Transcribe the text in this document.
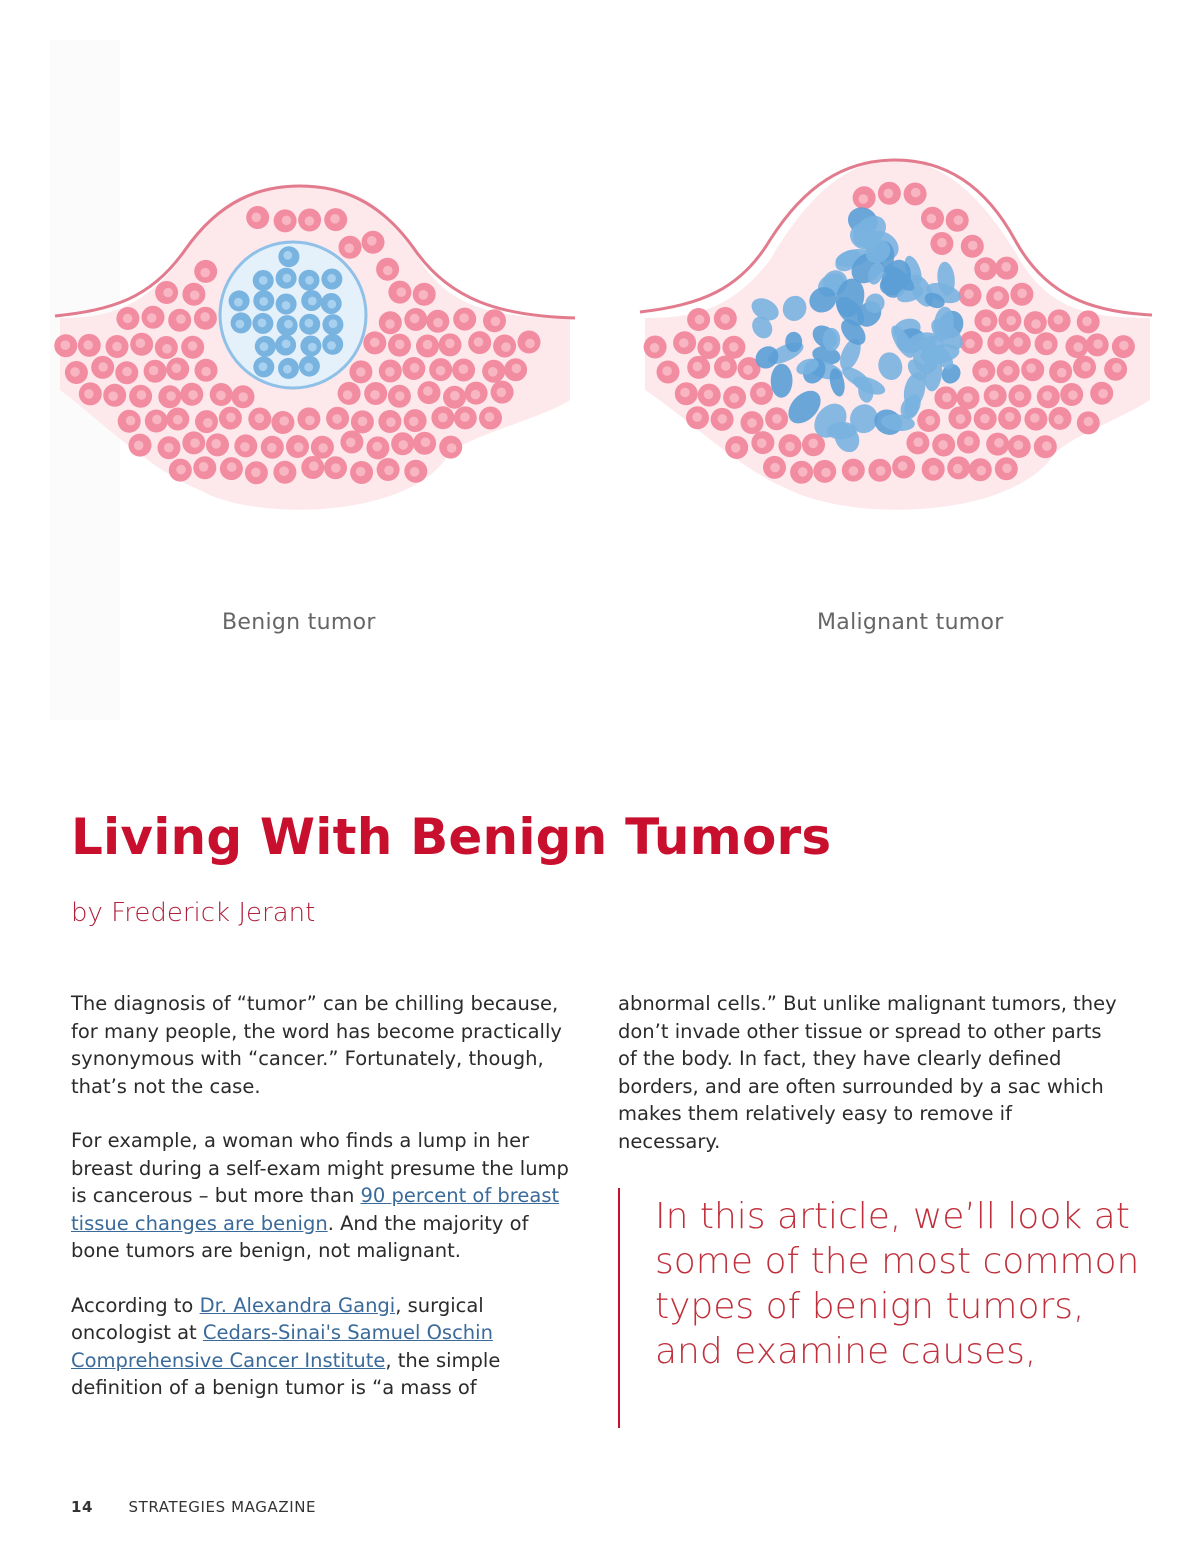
Benign tumor	Malignant tumor
Living With Benign Tumors

by Frederick Jerant

The diagnosis of “tumor” can be chilling because, for many people, the word has become practically synonymous with “cancer.” Fortunately, though, that’s not the case.

For example, a woman who finds a lump in her breast during a self-exam might presume the lump is cancerous – but more than 90 percent of breast tissue changes are benign. And the majority of bone tumors are benign, not malignant.

According to Dr. Alexandra Gangi, surgical oncologist at Cedars-Sinai's Samuel Oschin Comprehensive Cancer Institute, the simple definition of a benign tumor is “a mass of

abnormal cells.” But unlike malignant tumors, they don’t invade other tissue or spread to other parts of the body. In fact, they have clearly defined borders, and are often surrounded by a sac which makes them relatively easy to remove if necessary.

In this article, we’ll look at some of the most common types of benign tumors, and examine causes,

14 STRATEGIES MAGAZINE
